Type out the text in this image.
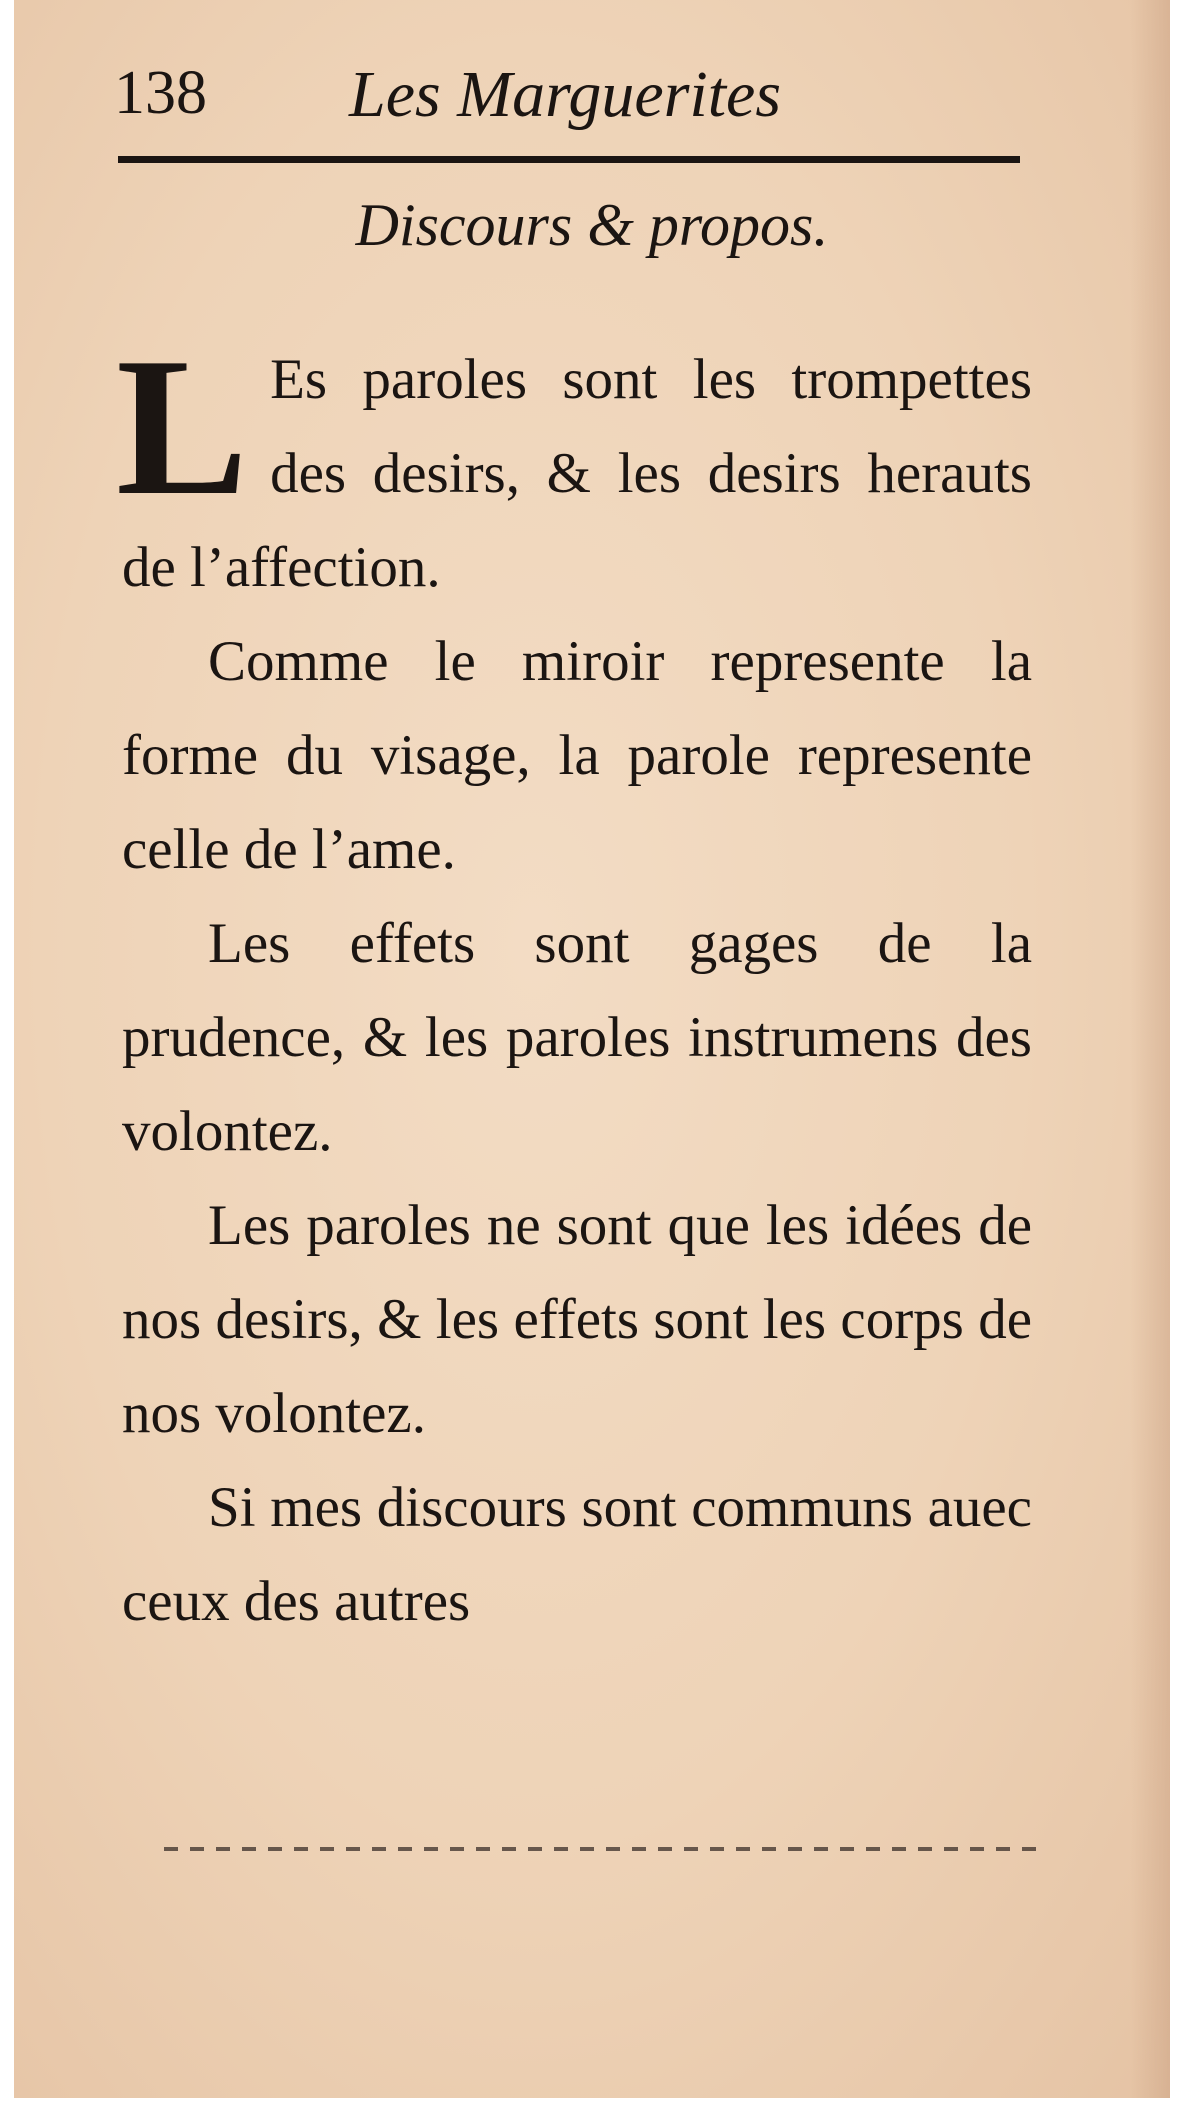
138 Les Marguerites
Discours & propos.

L Es paroles sont les trompettes des desirs, & les desirs herauts de l’affection.

Comme le miroir represente la forme du visage, la parole represente celle de l’ame.

Les effets sont gages de la prudence, & les paroles instrumens des volontez.

Les paroles ne sont que les idées de nos desirs, & les effets sont les corps de nos volontez.

Si mes discours sont communs auec ceux des autres
